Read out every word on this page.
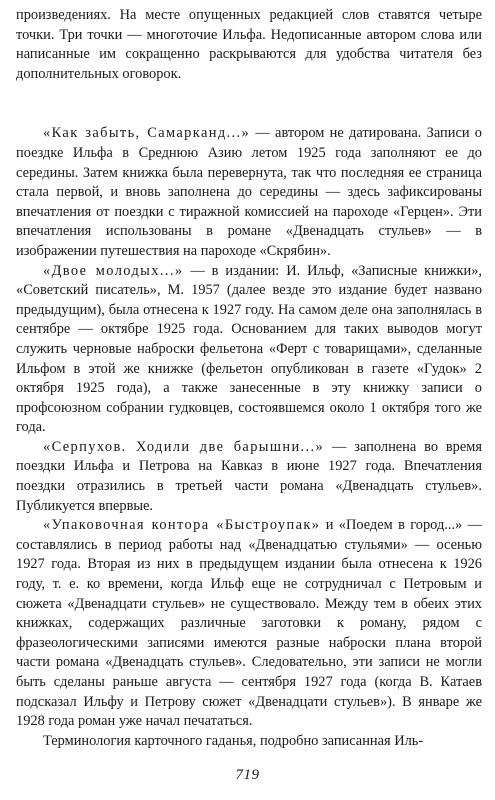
произведениях. На месте опущенных редакцией слов ставятся четыре точки. Три точки — многоточие Ильфа. Недописанные автором слова или написанные им сокращенно раскрываются для удобства читателя без дополнительных оговорок.

«Как забыть, Самарканд...» — автором не датирована. Записи о поездке Ильфа в Среднюю Азию летом 1925 года заполняют ее до середины. Затем книжка была перевернута, так что последняя ее страница стала первой, и вновь заполнена до середины — здесь зафиксированы впечатления от поездки с тиражной комиссией на пароходе «Герцен». Эти впечатления использованы в романе «Двенадцать стульев» — в изображении путешествия на пароходе «Скрябин».

«Двое молодых...» — в издании: И. Ильф, «Записные книжки», «Советский писатель», М. 1957 (далее везде это издание будет названо предыдущим), была отнесена к 1927 году. На самом деле она заполнялась в сентябре — октябре 1925 года. Основанием для таких выводов могут служить черновые наброски фельетона «Ферт с товарищами», сделанные Ильфом в этой же книжке (фельетон опубликован в газете «Гудок» 2 октября 1925 года), а также занесенные в эту книжку записи о профсоюзном собрании гудковцев, состоявшемся около 1 октября того же года.

«Серпухов. Ходили две барышни...» — заполнена во время поездки Ильфа и Петрова на Кавказ в июне 1927 года. Впечатления поездки отразились в третьей части романа «Двенадцать стульев». Публикуется впервые.

«Упаковочная контора «Быстроупак» и «Поедем в город...» — составлялись в период работы над «Двенадцатью стульями» — осенью 1927 года. Вторая из них в предыдущем издании была отнесена к 1926 году, т. е. ко времени, когда Ильф еще не сотрудничал с Петровым и сюжета «Двенадцати стульев» не существовало. Между тем в обеих этих книжках, содержащих различные заготовки к роману, рядом с фразеологическими записями имеются разные наброски плана второй части романа «Двенадцать стульев». Следовательно, эти записи не могли быть сделаны раньше августа — сентября 1927 года (когда В. Катаев подсказал Ильфу и Петрову сюжет «Двенадцати стульев»). В январе же 1928 года роман уже начал печататься.

Терминология карточного гаданья, подробно записанная Иль-

719
